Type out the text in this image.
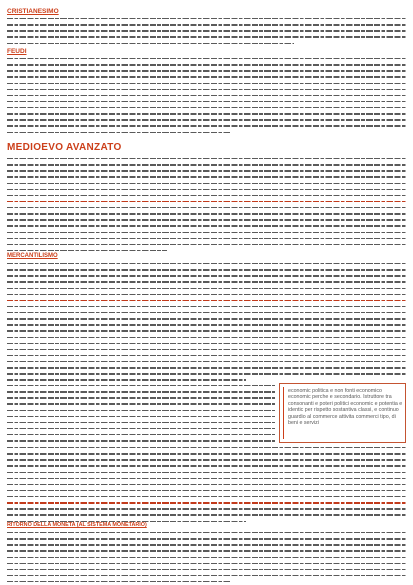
CRISTIANESIMO
FEUDI
MEDIOEVO AVANZATO
MERCANTILISMO
economic politica e non fonti economico economic perche e secondario. Istruttore tra consonanti e poteri politici economic e potentia e identic per rispetto sostantiva classi, e continuo guardio al commerce attivita commerci tipo, di beni e servizi
RITORNO DELLA MONETA (AL SISTEMA MONETARIO)
